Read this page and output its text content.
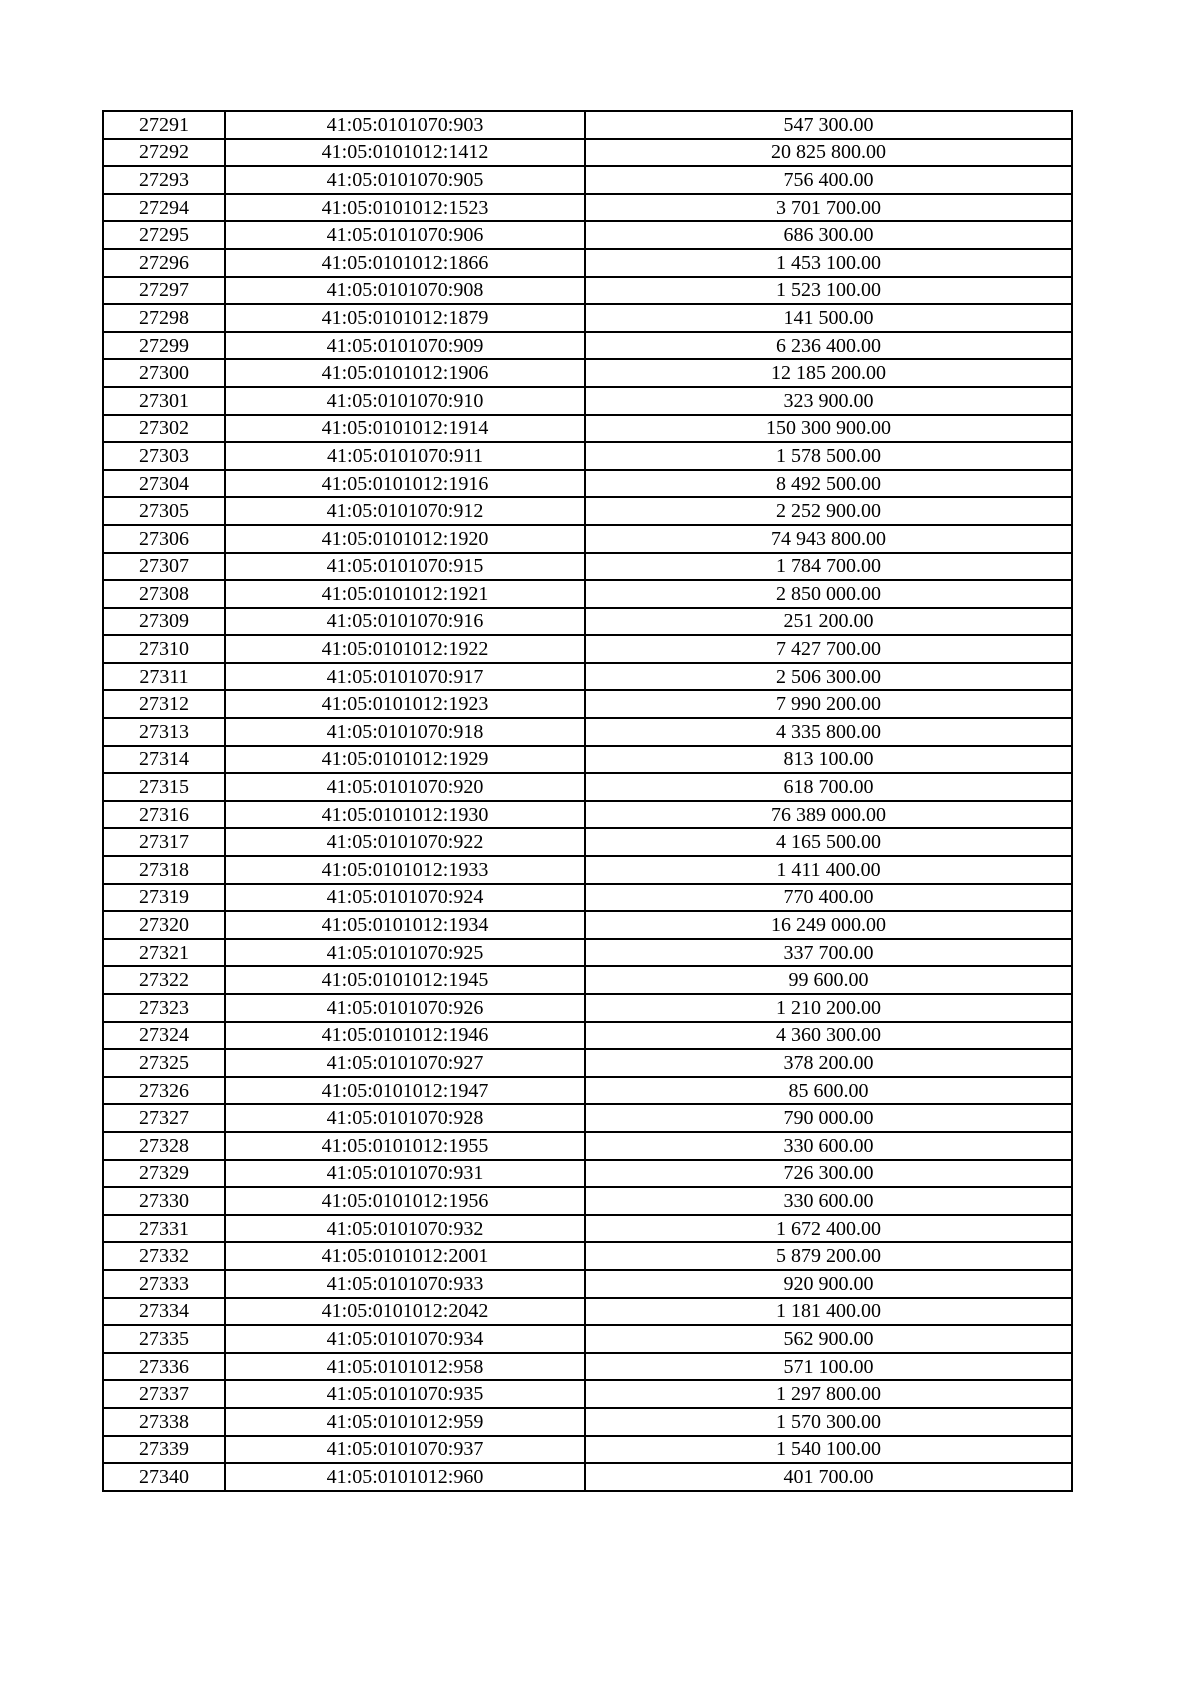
27291	41:05:0101070:903	547 300.00
27292	41:05:0101012:1412	20 825 800.00
27293	41:05:0101070:905	756 400.00
27294	41:05:0101012:1523	3 701 700.00
27295	41:05:0101070:906	686 300.00
27296	41:05:0101012:1866	1 453 100.00
27297	41:05:0101070:908	1 523 100.00
27298	41:05:0101012:1879	141 500.00
27299	41:05:0101070:909	6 236 400.00
27300	41:05:0101012:1906	12 185 200.00
27301	41:05:0101070:910	323 900.00
27302	41:05:0101012:1914	150 300 900.00
27303	41:05:0101070:911	1 578 500.00
27304	41:05:0101012:1916	8 492 500.00
27305	41:05:0101070:912	2 252 900.00
27306	41:05:0101012:1920	74 943 800.00
27307	41:05:0101070:915	1 784 700.00
27308	41:05:0101012:1921	2 850 000.00
27309	41:05:0101070:916	251 200.00
27310	41:05:0101012:1922	7 427 700.00
27311	41:05:0101070:917	2 506 300.00
27312	41:05:0101012:1923	7 990 200.00
27313	41:05:0101070:918	4 335 800.00
27314	41:05:0101012:1929	813 100.00
27315	41:05:0101070:920	618 700.00
27316	41:05:0101012:1930	76 389 000.00
27317	41:05:0101070:922	4 165 500.00
27318	41:05:0101012:1933	1 411 400.00
27319	41:05:0101070:924	770 400.00
27320	41:05:0101012:1934	16 249 000.00
27321	41:05:0101070:925	337 700.00
27322	41:05:0101012:1945	99 600.00
27323	41:05:0101070:926	1 210 200.00
27324	41:05:0101012:1946	4 360 300.00
27325	41:05:0101070:927	378 200.00
27326	41:05:0101012:1947	85 600.00
27327	41:05:0101070:928	790 000.00
27328	41:05:0101012:1955	330 600.00
27329	41:05:0101070:931	726 300.00
27330	41:05:0101012:1956	330 600.00
27331	41:05:0101070:932	1 672 400.00
27332	41:05:0101012:2001	5 879 200.00
27333	41:05:0101070:933	920 900.00
27334	41:05:0101012:2042	1 181 400.00
27335	41:05:0101070:934	562 900.00
27336	41:05:0101012:958	571 100.00
27337	41:05:0101070:935	1 297 800.00
27338	41:05:0101012:959	1 570 300.00
27339	41:05:0101070:937	1 540 100.00
27340	41:05:0101012:960	401 700.00
